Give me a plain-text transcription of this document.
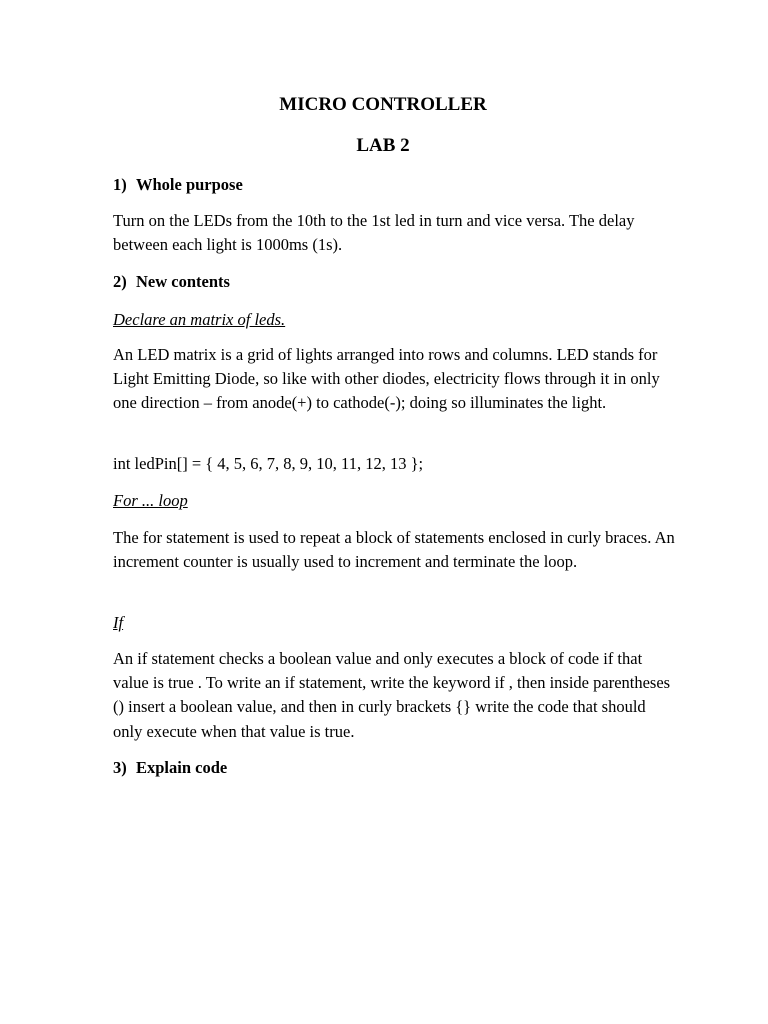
MICRO CONTROLLER
LAB 2
1) Whole purpose

Turn on the LEDs from the 10th to the 1st led in turn and vice versa. The delay between each light is 1000ms (1s).

2) New contents
Declare an matrix of leds.

An LED matrix is a grid of lights arranged into rows and columns. LED stands for Light Emitting Diode, so like with other diodes, electricity flows through it in only one direction – from anode(+) to cathode(-); doing so illuminates the light.

int ledPin[] = { 4, 5, 6, 7, 8, 9, 10, 11, 12, 13 };
For ... loop

The for statement is used to repeat a block of statements enclosed in curly braces. An increment counter is usually used to increment and terminate the loop.

If

An if statement checks a boolean value and only executes a block of code if that value is true . To write an if statement, write the keyword if , then inside parentheses () insert a boolean value, and then in curly brackets {} write the code that should only execute when that value is true.

3) Explain code
